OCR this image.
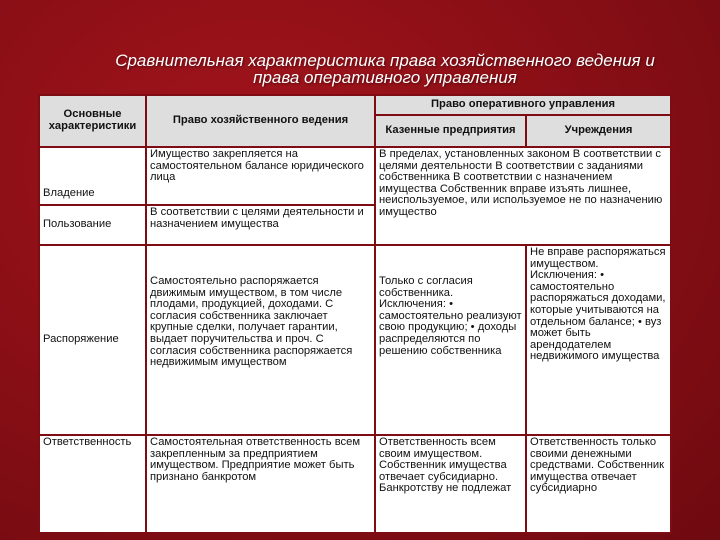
Сравнительная характеристика права хозяйственного ведения и
права оперативного управления
Основные характеристики	Право хозяйственного ведения	Право оперативного управления	
		Казенные предприятия	Учреждения
Владение	Имущество закрепляется на самостоятельном балансе юридического лица	В пределах, установленных законом В соответствии с целями деятельности В соответствии с заданиями собственника В соответствии с назначением имущества Собственник вправе изъять лишнее, неиспользуемое, или используемое не по назначению имущество	
Пользование	В соответствии с целями деятельности и назначением имущества		
Распоряжение	Самостоятельно распоряжается движимым имуществом, в том числе плодами, продукцией, доходами. С согласия собственника заключает крупные сделки, получает гарантии, выдает поручительства и проч. С согласия собственника распоряжается недвижимым имуществом	Только с согласия собственника. Исключения: • самостоятельно реализуют свою продукцию; • доходы распределяются по решению собственника	Не вправе распоряжаться имуществом. Исключения: • самостоятельно распоряжаться доходами, которые учитываются на отдельном балансе; • вуз может быть арендодателем недвижимого имущества
Ответственность	Самостоятельная ответственность всем закрепленным за предприятием имуществом. Предприятие может быть признано банкротом	Ответственность всем своим имуществом. Собственник имущества отвечает субсидиарно. Банкротству не подлежат	Ответственность только своими денежными средствами. Собственник имущества отвечает субсидиарно
